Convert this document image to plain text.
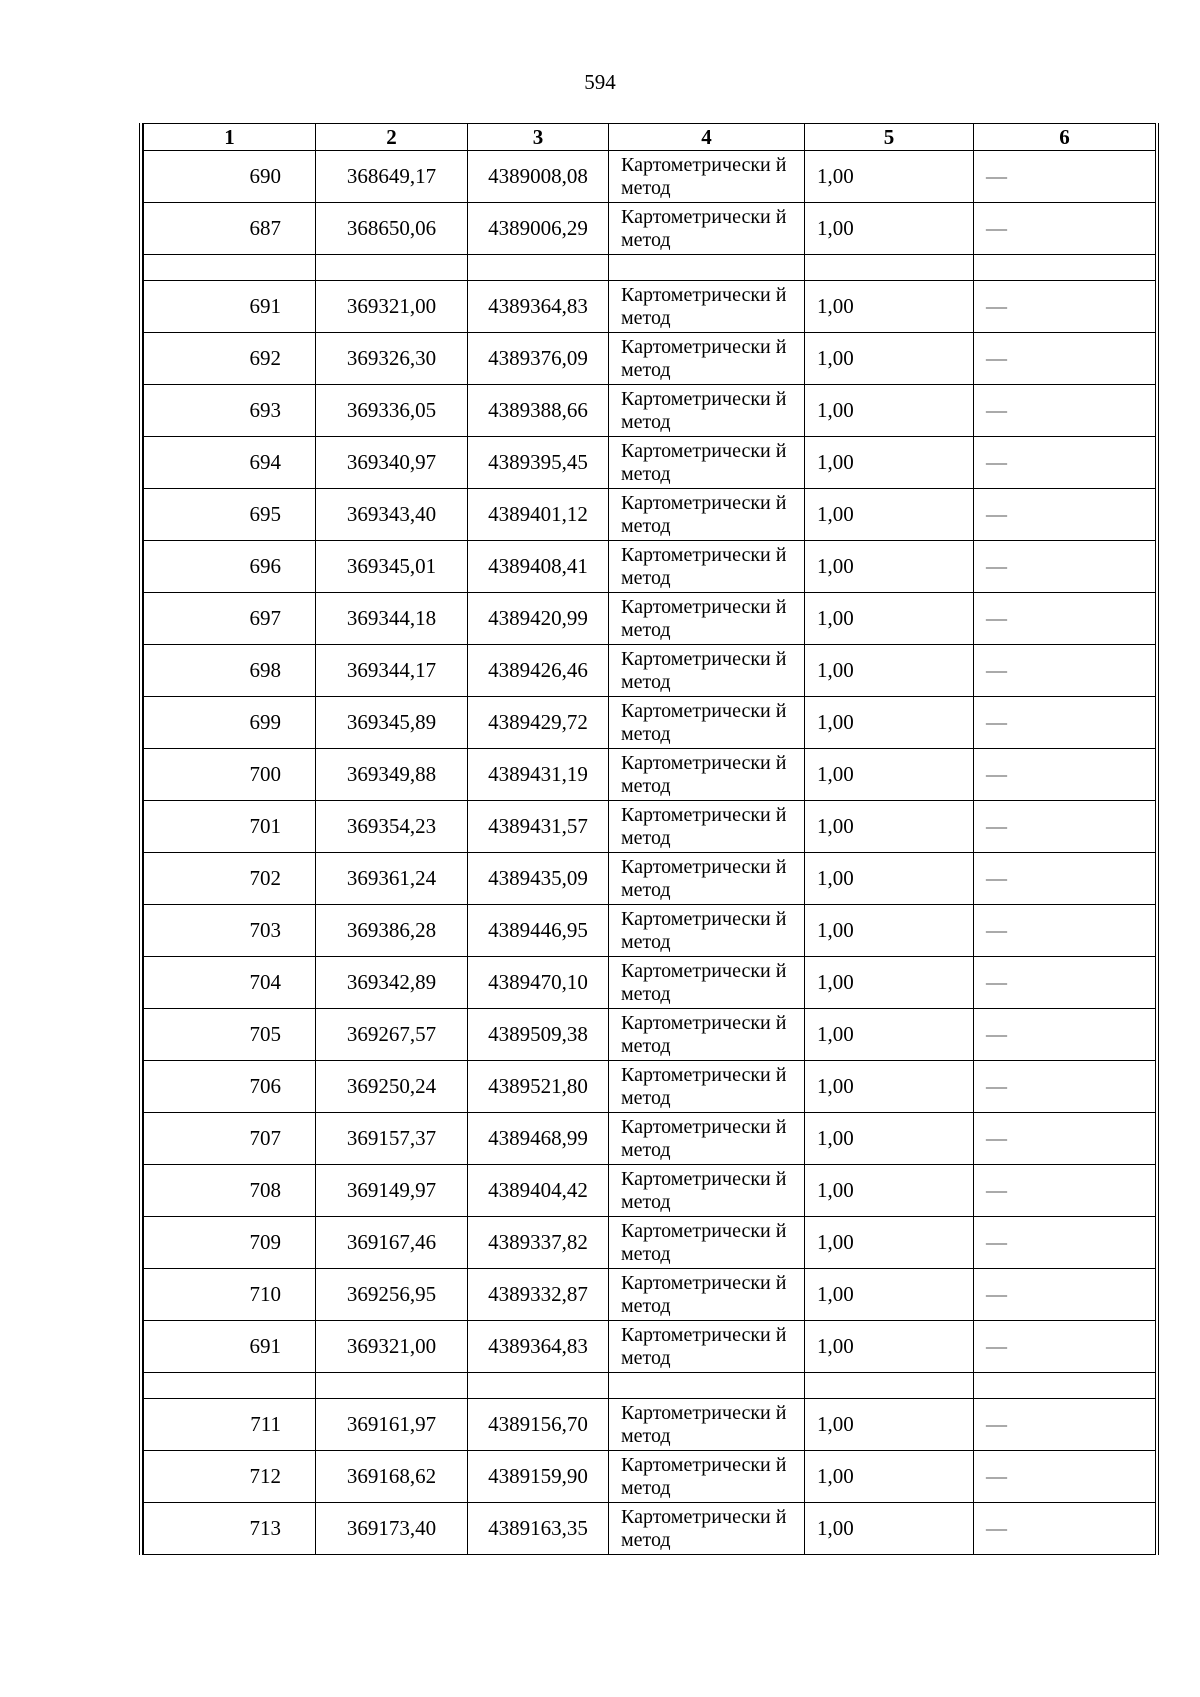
594
1	2	3	4	5	6
690	368649,17	4389008,08	Картометрически й метод	1,00	—
687	368650,06	4389006,29	Картометрически й метод	1,00	—

691	369321,00	4389364,83	Картометрически й метод	1,00	—
692	369326,30	4389376,09	Картометрически й метод	1,00	—
693	369336,05	4389388,66	Картометрически й метод	1,00	—
694	369340,97	4389395,45	Картометрически й метод	1,00	—
695	369343,40	4389401,12	Картометрически й метод	1,00	—
696	369345,01	4389408,41	Картометрически й метод	1,00	—
697	369344,18	4389420,99	Картометрически й метод	1,00	—
698	369344,17	4389426,46	Картометрически й метод	1,00	—
699	369345,89	4389429,72	Картометрически й метод	1,00	—
700	369349,88	4389431,19	Картометрически й метод	1,00	—
701	369354,23	4389431,57	Картометрически й метод	1,00	—
702	369361,24	4389435,09	Картометрически й метод	1,00	—
703	369386,28	4389446,95	Картометрически й метод	1,00	—
704	369342,89	4389470,10	Картометрически й метод	1,00	—
705	369267,57	4389509,38	Картометрически й метод	1,00	—
706	369250,24	4389521,80	Картометрически й метод	1,00	—
707	369157,37	4389468,99	Картометрически й метод	1,00	—
708	369149,97	4389404,42	Картометрически й метод	1,00	—
709	369167,46	4389337,82	Картометрически й метод	1,00	—
710	369256,95	4389332,87	Картометрически й метод	1,00	—
691	369321,00	4389364,83	Картометрически й метод	1,00	—

711	369161,97	4389156,70	Картометрически й метод	1,00	—
712	369168,62	4389159,90	Картометрически й метод	1,00	—
713	369173,40	4389163,35	Картометрически й метод	1,00	—
